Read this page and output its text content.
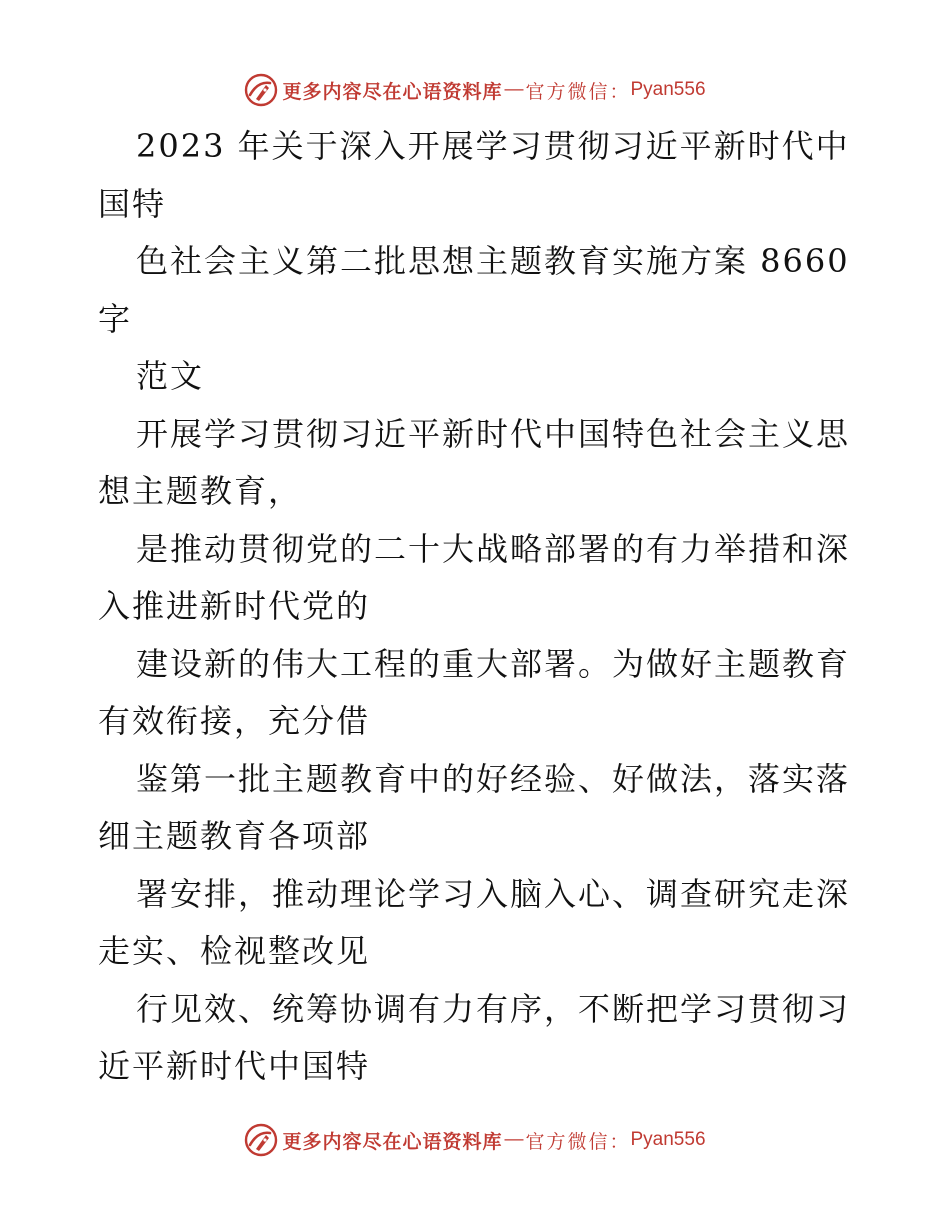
更多内容尽在心语资料库 — 官方微信： Pyan556
2023 年关于深入开展学习贯彻习近平新时代中
国特
色社会主义第二批思想主题教育实施方案 8660
字
范文
开展学习贯彻习近平新时代中国特色社会主义思
想主题教育，
是推动贯彻党的二十大战略部署的有力举措和深
入推进新时代党的
建设新的伟大工程的重大部署。为做好主题教育
有效衔接，充分借
鉴第一批主题教育中的好经验、好做法，落实落
细主题教育各项部
署安排，推动理论学习入脑入心、调查研究走深
走实、检视整改见
行见效、统筹协调有力有序，不断把学习贯彻习
近平新时代中国特
更多内容尽在心语资料库 — 官方微信： Pyan556
